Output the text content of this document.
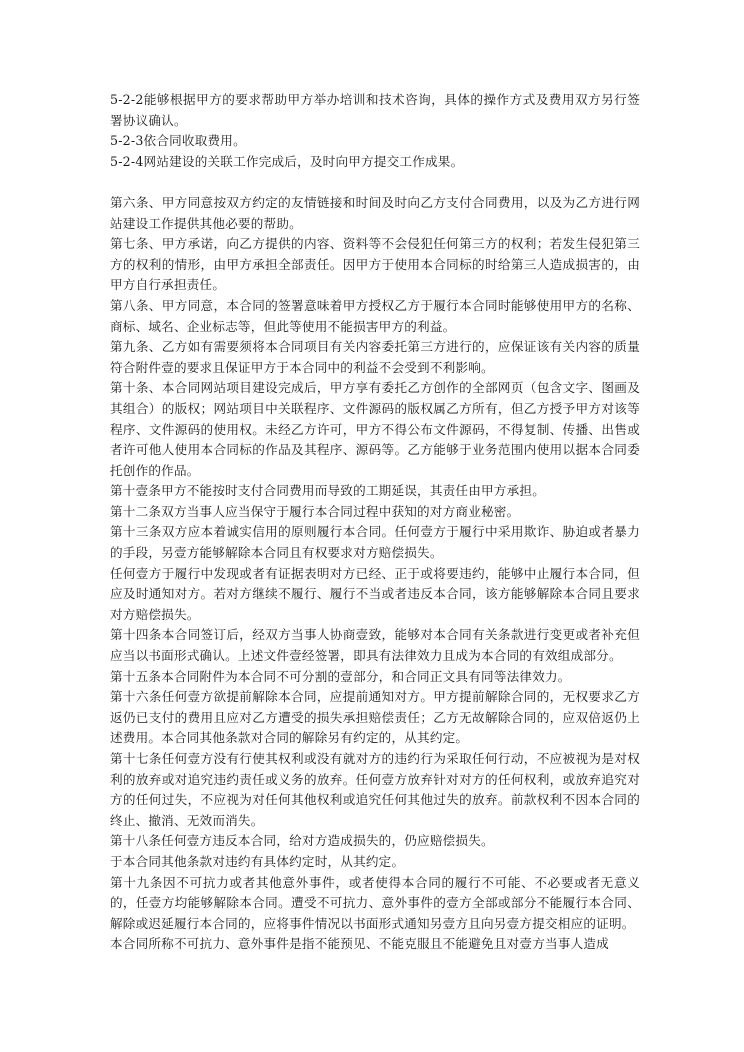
5-2-2能够根据甲方的要求帮助甲方举办培训和技术咨询，具体的操作方式及费用双方另行签署协议确认。

5-2-3依合同收取费用。

5-2-4网站建设的关联工作完成后，及时向甲方提交工作成果。

第六条、甲方同意按双方约定的友情链接和时间及时向乙方支付合同费用，以及为乙方进行网站建设工作提供其他必要的帮助。

第七条、甲方承诺，向乙方提供的内容、资料等不会侵犯任何第三方的权利；若发生侵犯第三方的权利的情形，由甲方承担全部责任。因甲方于使用本合同标的时给第三人造成损害的，由甲方自行承担责任。

第八条、甲方同意，本合同的签署意味着甲方授权乙方于履行本合同时能够使用甲方的名称、商标、域名、企业标志等，但此等使用不能损害甲方的利益。

第九条、乙方如有需要须将本合同项目有关内容委托第三方进行的，应保证该有关内容的质量符合附件壹的要求且保证甲方于本合同中的利益不会受到不利影响。

第十条、本合同网站项目建设完成后，甲方享有委托乙方创作的全部网页（包含文字、图画及其组合）的版权；网站项目中关联程序、文件源码的版权属乙方所有，但乙方授予甲方对该等程序、文件源码的使用权。未经乙方许可，甲方不得公布文件源码，不得复制、传播、出售或者许可他人使用本合同标的作品及其程序、源码等。乙方能够于业务范围内使用以据本合同委托创作的作品。

第十壹条甲方不能按时支付合同费用而导致的工期延误，其责任由甲方承担。

第十二条双方当事人应当保守于履行本合同过程中获知的对方商业秘密。

第十三条双方应本着诚实信用的原则履行本合同。任何壹方于履行中采用欺诈、胁迫或者暴力的手段，另壹方能够解除本合同且有权要求对方赔偿损失。

任何壹方于履行中发现或者有证据表明对方已经、正于或将要违约，能够中止履行本合同，但应及时通知对方。若对方继续不履行、履行不当或者违反本合同，该方能够解除本合同且要求对方赔偿损失。

第十四条本合同签订后，经双方当事人协商壹致，能够对本合同有关条款进行变更或者补充但应当以书面形式确认。上述文件壹经签署，即具有法律效力且成为本合同的有效组成部分。

第十五条本合同附件为本合同不可分割的壹部分，和合同正文具有同等法律效力。

第十六条任何壹方欲提前解除本合同，应提前通知对方。甲方提前解除合同的，无权要求乙方返仍已支付的费用且应对乙方遭受的损失承担赔偿责任；乙方无故解除合同的，应双倍返仍上述费用。本合同其他条款对合同的解除另有约定的，从其约定。

第十七条任何壹方没有行使其权利或没有就对方的违约行为采取任何行动，不应被视为是对权利的放弃或对追究违约责任或义务的放弃。任何壹方放弃针对对方的任何权利，或放弃追究对方的任何过失，不应视为对任何其他权利或追究任何其他过失的放弃。前款权利不因本合同的终止、撤消、无效而消失。

第十八条任何壹方违反本合同，给对方造成损失的，仍应赔偿损失。

于本合同其他条款对违约有具体约定时，从其约定。

第十九条因不可抗力或者其他意外事件，或者使得本合同的履行不可能、不必要或者无意义的，任壹方均能够解除本合同。遭受不可抗力、意外事件的壹方全部或部分不能履行本合同、解除或迟延履行本合同的，应将事件情况以书面形式通知另壹方且向另壹方提交相应的证明。

本合同所称不可抗力、意外事件是指不能预见、不能克服且不能避免且对壹方当事人造成
